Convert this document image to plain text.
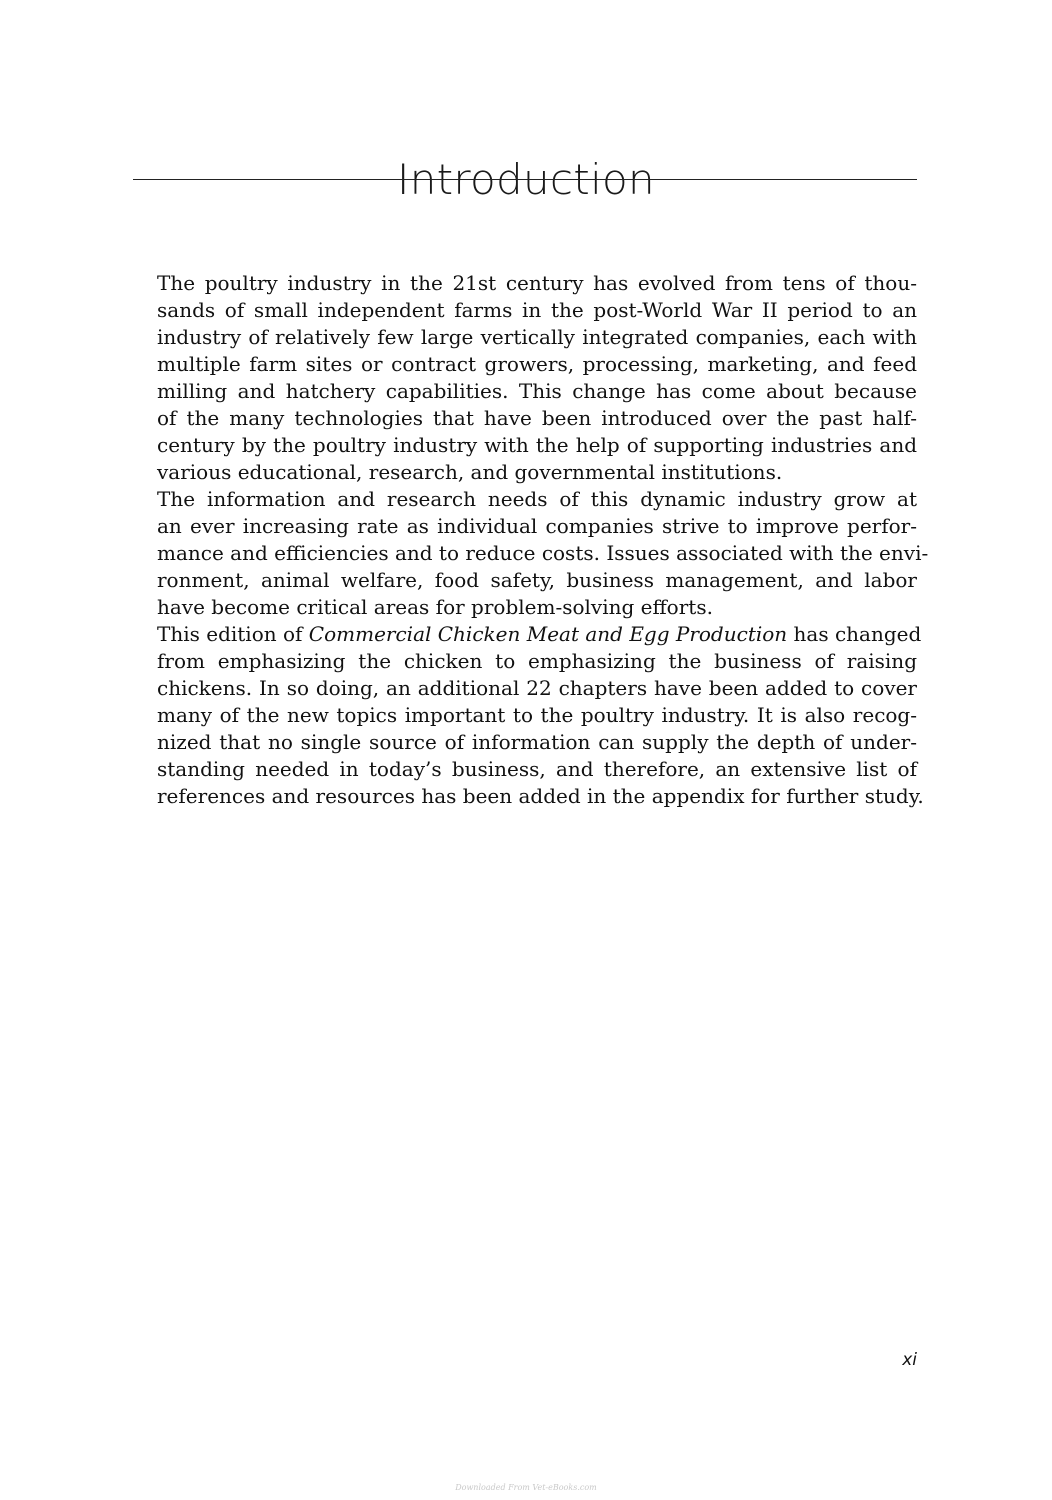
Introduction

The poultry industry in the 21st century has evolved from tens of thou-
sands of small independent farms in the post-World War II period to an
industry of relatively few large vertically integrated companies, each with
multiple farm sites or contract growers, processing, marketing, and feed
milling and hatchery capabilities. This change has come about because
of the many technologies that have been introduced over the past half-
century by the poultry industry with the help of supporting industries and
various educational, research, and governmental institutions.

The information and research needs of this dynamic industry grow at
an ever increasing rate as individual companies strive to improve perfor-
mance and efficiencies and to reduce costs. Issues associated with the envi-
ronment, animal welfare, food safety, business management, and labor
have become critical areas for problem-solving efforts.

This edition of Commercial Chicken Meat and Egg Production has changed
from emphasizing the chicken to emphasizing the business of raising
chickens. In so doing, an additional 22 chapters have been added to cover
many of the new topics important to the poultry industry. It is also recog-
nized that no single source of information can supply the depth of under-
standing needed in today’s business, and therefore, an extensive list of
references and resources has been added in the appendix for further study.

xi
Downloaded From Vet-eBooks.com
